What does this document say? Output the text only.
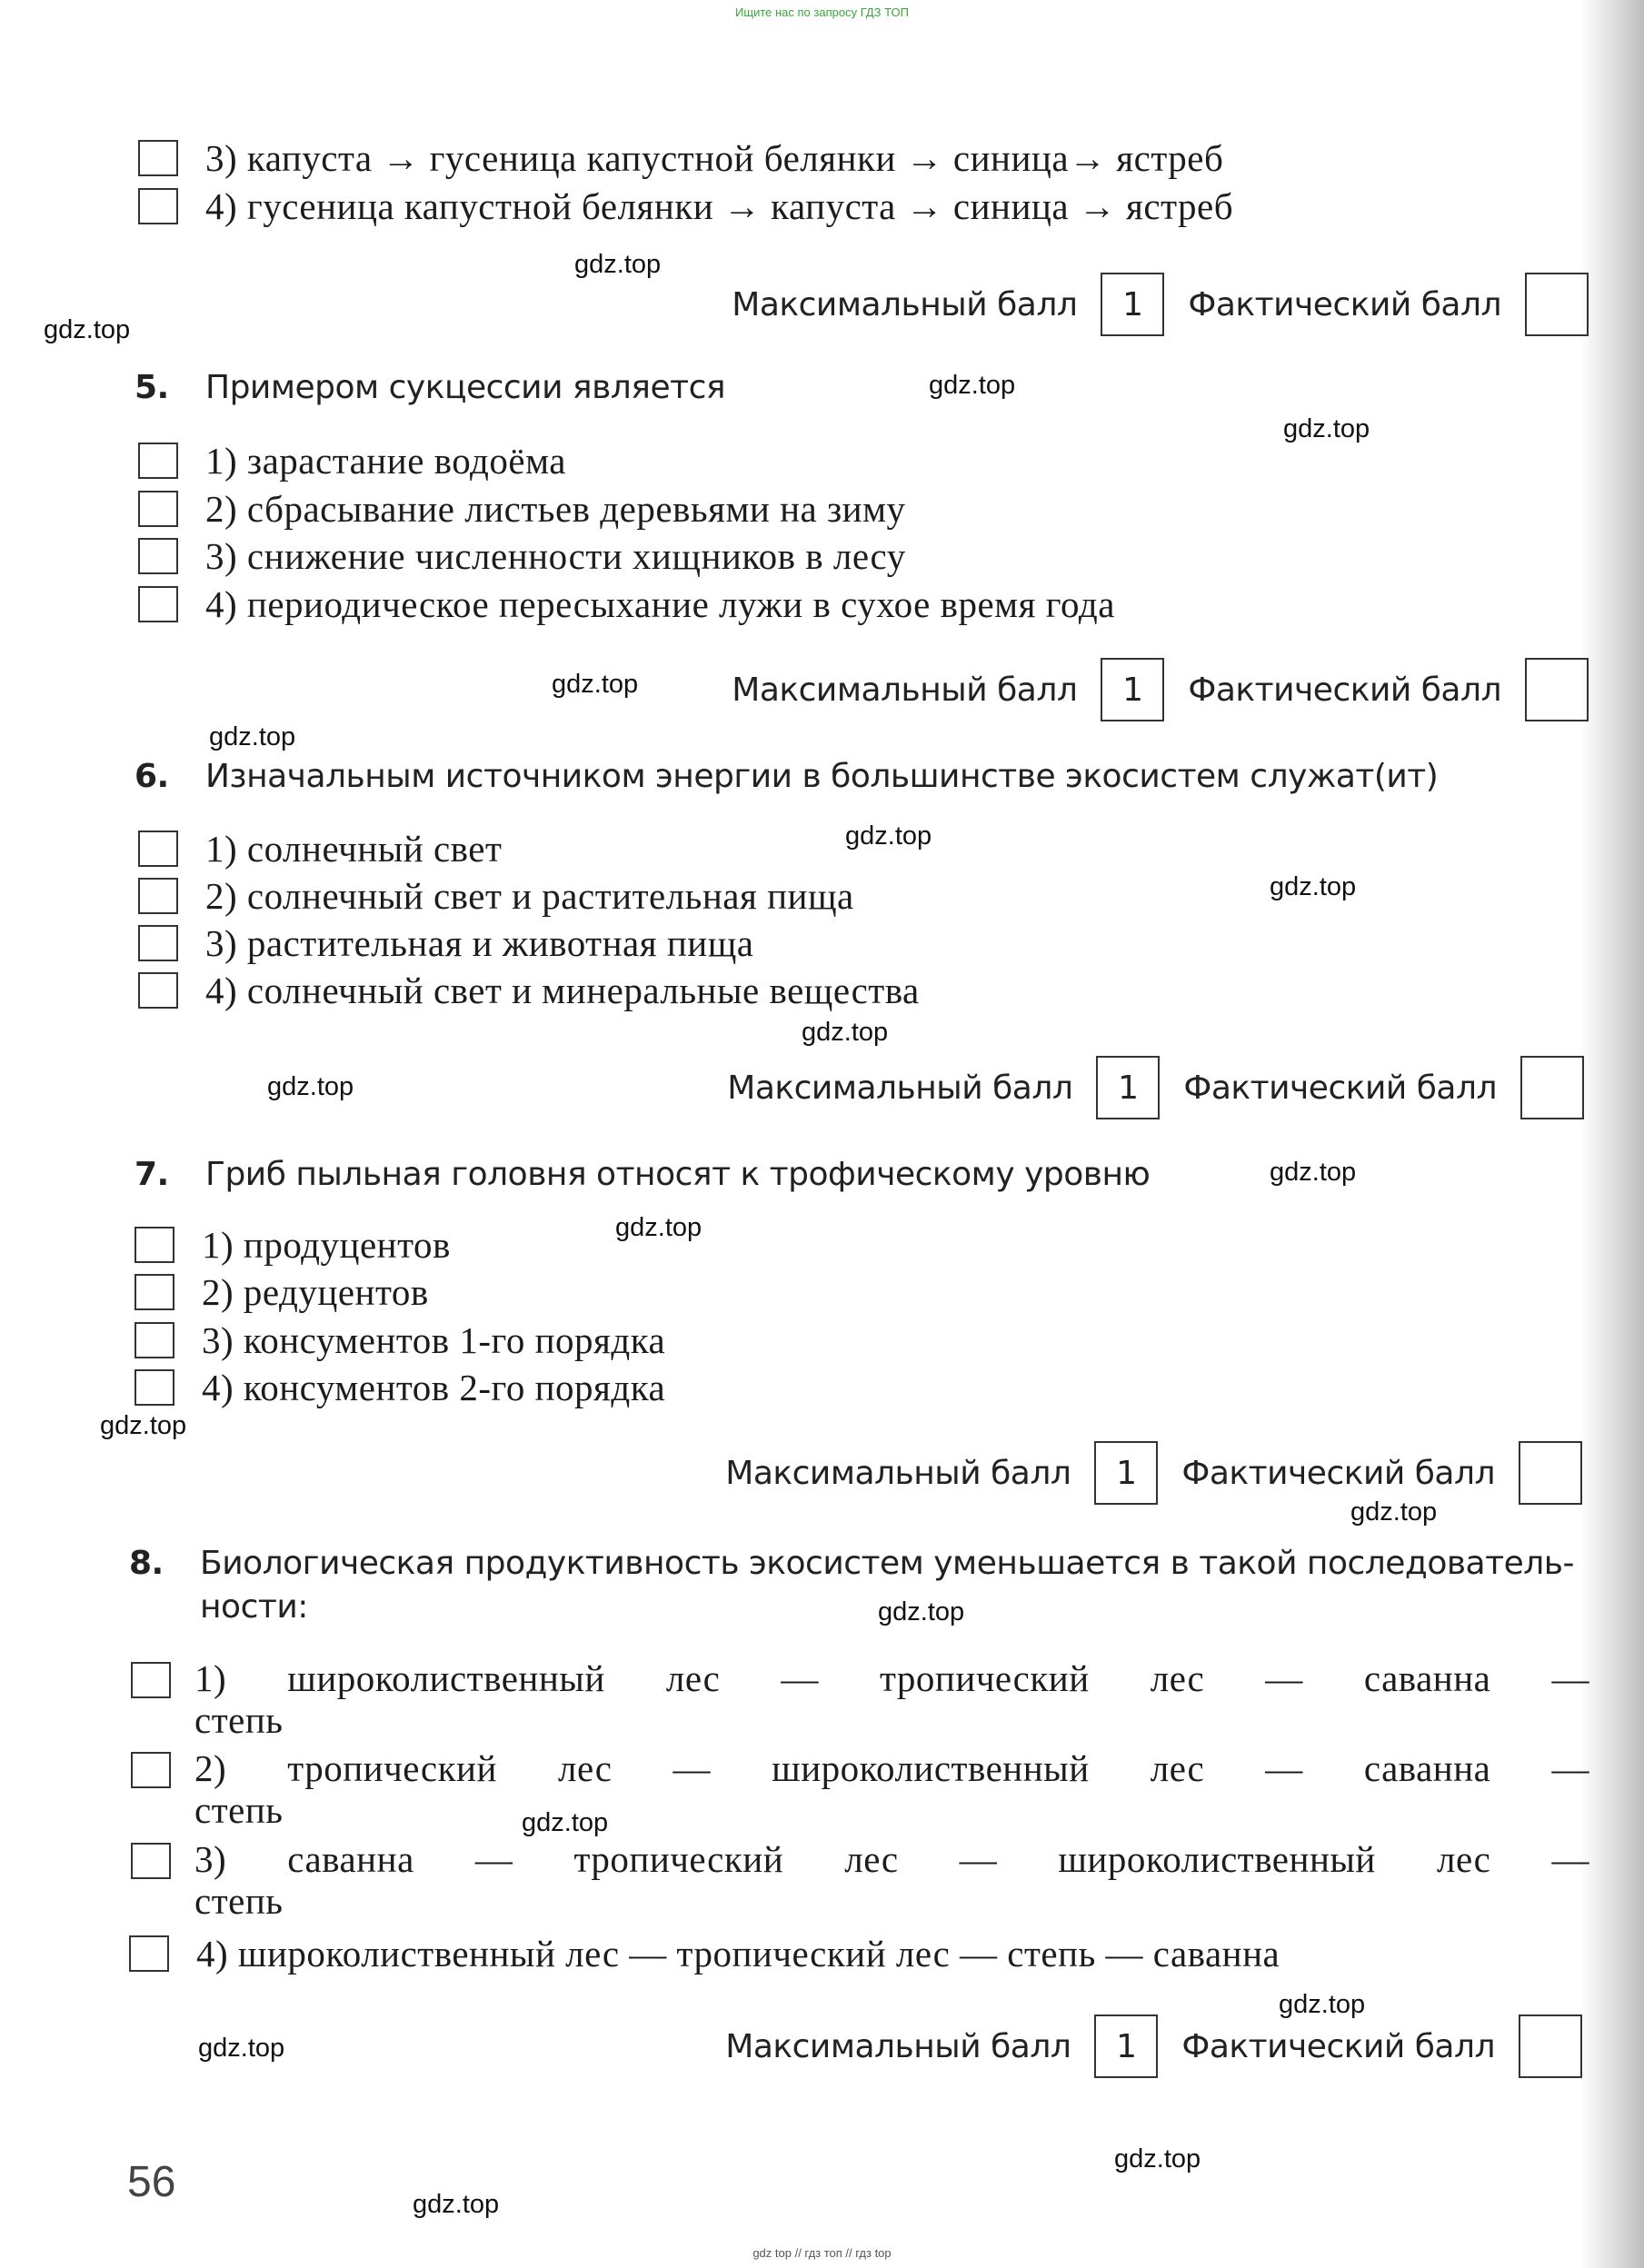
Ищите нас по запросу ГДЗ ТОП
3) капуста → гусеница капустной белянки → синица→ ястреб
4) гусеница капустной белянки → капуста → синица → ястреб
Максимальный балл	1	Фактический балл
5. Примером сукцессии является
1) зарастание водоёма
2) сбрасывание листьев деревьями на зиму
3) снижение численности хищников в лесу
4) периодическое пересыхание лужи в сухое время года
Максимальный балл	1	Фактический балл
6. Изначальным источником энергии в большинстве экосистем служат(ит)
1) солнечный свет
2) солнечный свет и растительная пища
3) растительная и животная пища
4) солнечный свет и минеральные вещества
Максимальный балл	1	Фактический балл
7. Гриб пыльная головня относят к трофическому уровню
1) продуцентов
2) редуцентов
3) консументов 1-го порядка
4) консументов 2-го порядка
Максимальный балл	1	Фактический балл
8. Биологическая продуктивность экосистем уменьшается в такой последователь-
ности:
1) широколиственный лес — тропический лес — саванна —
степь
2) тропический лес — широколиственный лес — саванна —
степь
3) саванна — тропический лес — широколиственный лес —
степь
4) широколиственный лес — тропический лес — степь — саванна
Максимальный балл	1	Фактический балл
gdz.top
gdz.top
gdz.top
gdz.top
gdz.top
gdz.top
gdz.top
gdz.top
gdz.top
gdz.top
gdz.top
gdz.top
gdz.top
gdz.top
gdz.top
gdz.top
gdz.top
gdz.top
gdz.top
gdz.top
56
gdz top // гдз топ // гдз top
